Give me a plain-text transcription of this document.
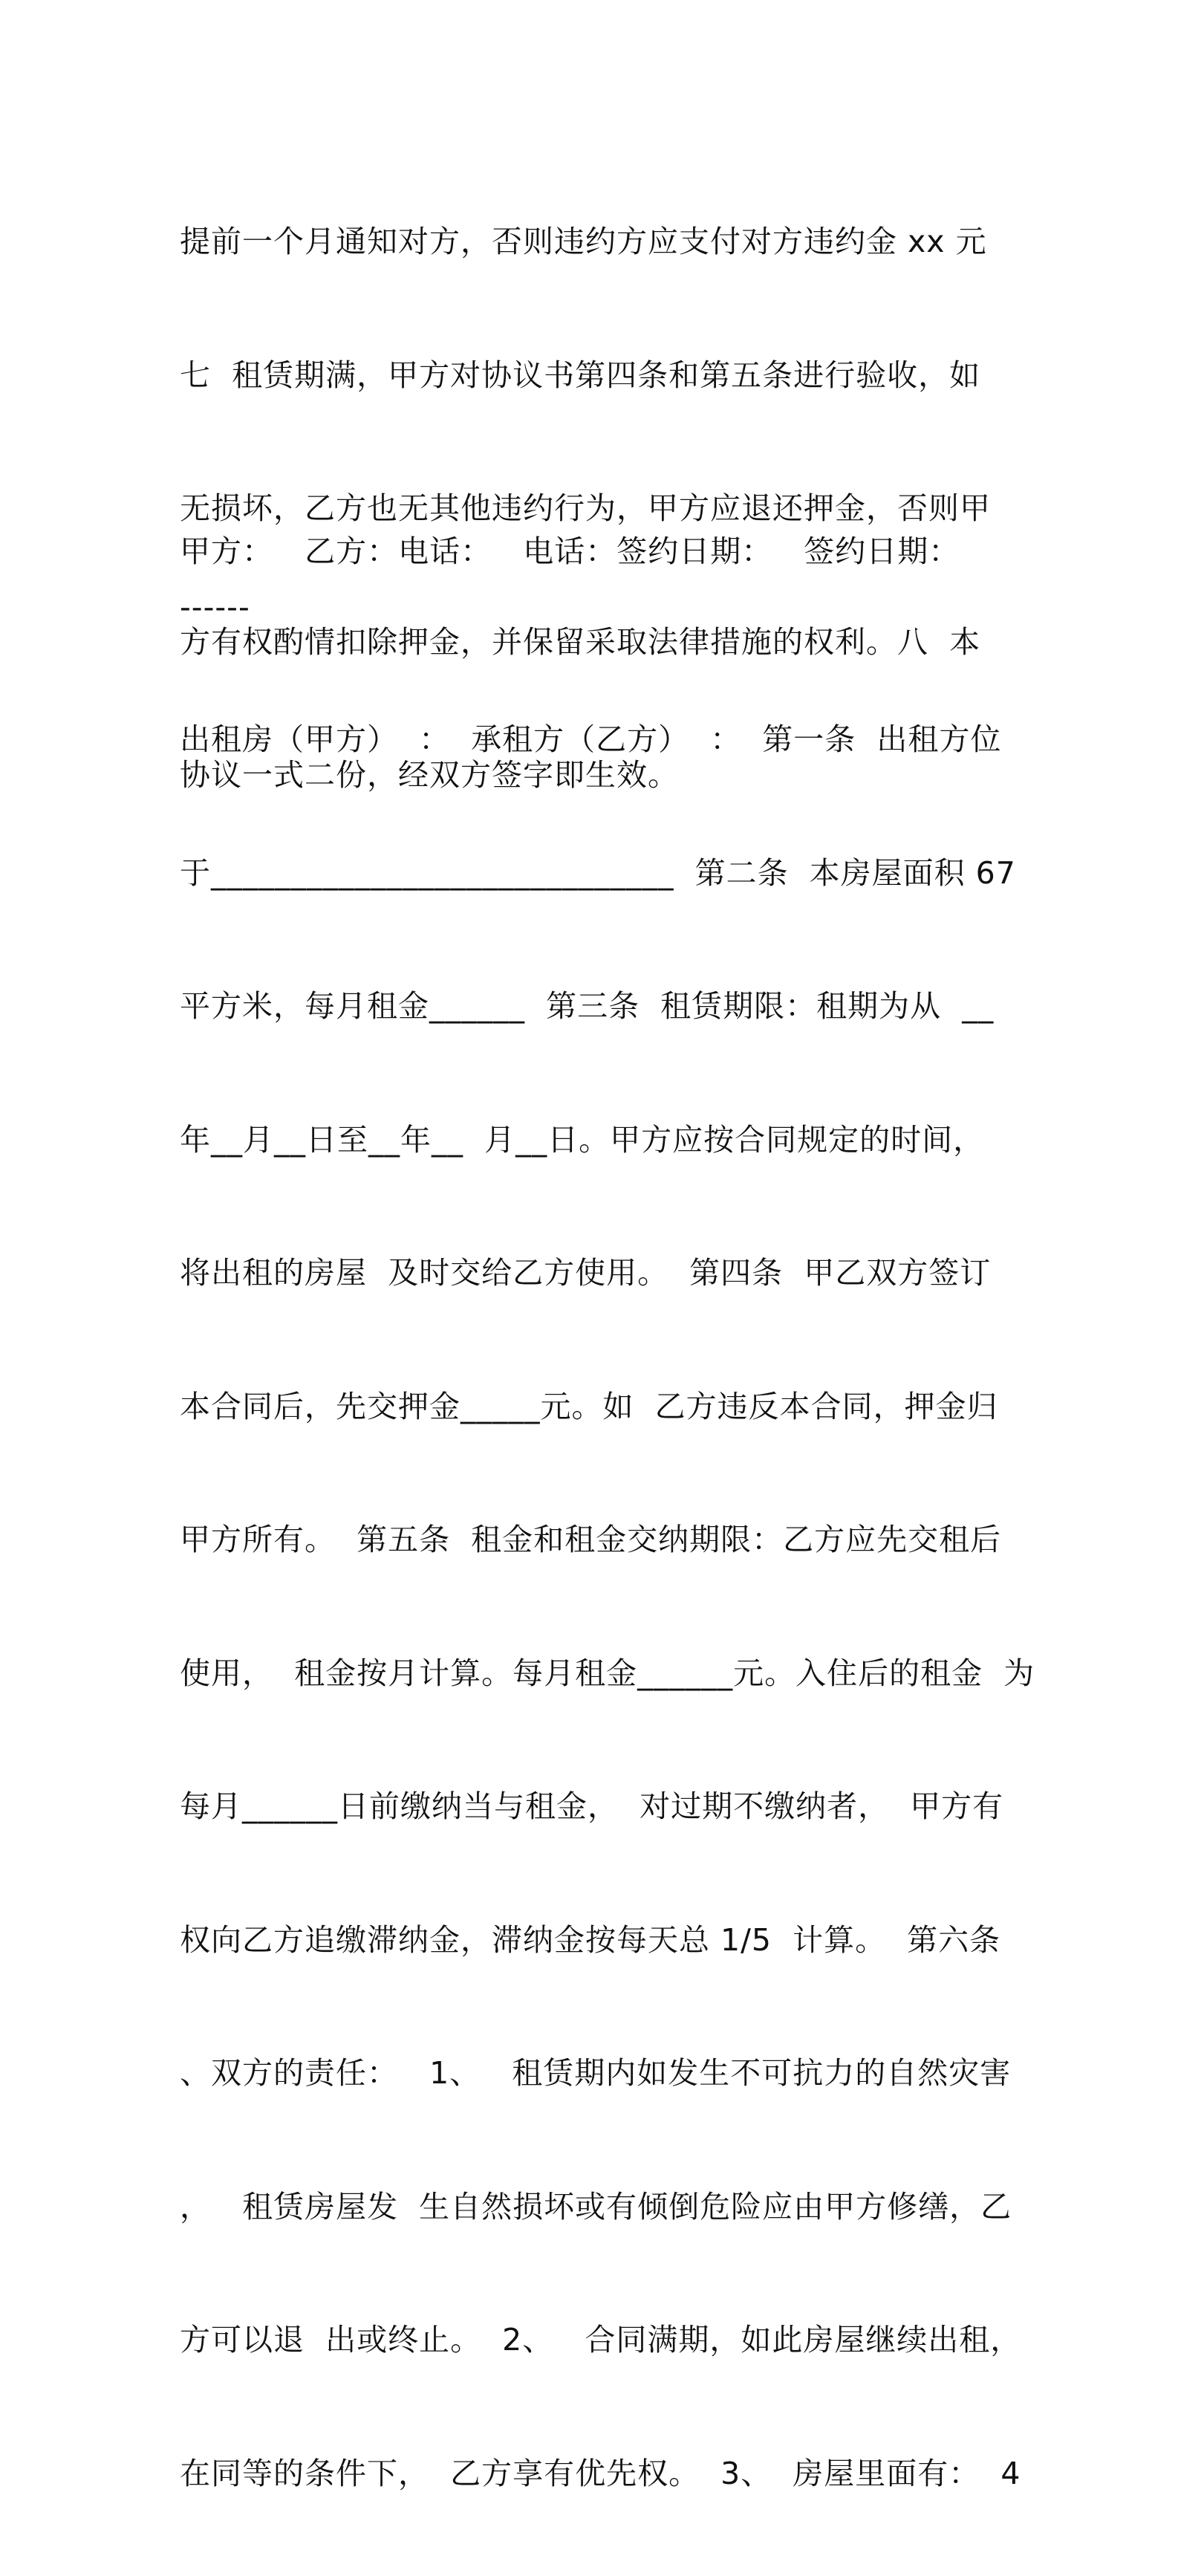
提前一个月通知对方，否则违约方应支付对方违约金 xx 元

七  租赁期满，甲方对协议书第四条和第五条进行验收，如

无损坏，乙方也无其他违约行为，甲方应退还押金，否则甲

方有权酌情扣除押金，并保留采取法律措施的权利。八  本

协议一式二份，经双方签字即生效。

甲方：   乙方：电话：   电话：签约日期：   签约日期：

------

出租房（甲方）  ：  承租方（乙方）  ：  第一条  出租方位

于_____________________________  第二条  本房屋面积 67

平方米，每月租金______  第三条  租赁期限：租期为从  __

年__月__日至__年__  月__日。甲方应按合同规定的时间，

将出租的房屋  及时交给乙方使用。  第四条  甲乙双方签订

本合同后，先交押金_____元。如  乙方违反本合同，押金归

甲方所有。  第五条  租金和租金交纳期限：乙方应先交租后

使用，  租金按月计算。每月租金______元。入住后的租金  为

每月______日前缴纳当与租金，  对过期不缴纳者，  甲方有

权向乙方追缴滞纳金，滞纳金按每天总 1/5  计算。  第六条

、双方的责任：   1、   租赁期内如发生不可抗力的自然灾害

，   租赁房屋发  生自然损坏或有倾倒危险应由甲方修缮，乙

方可以退  出或终止。  2、   合同满期，如此房屋继续出租，

在同等的条件下，  乙方享有优先权。  3、  房屋里面有：  4
